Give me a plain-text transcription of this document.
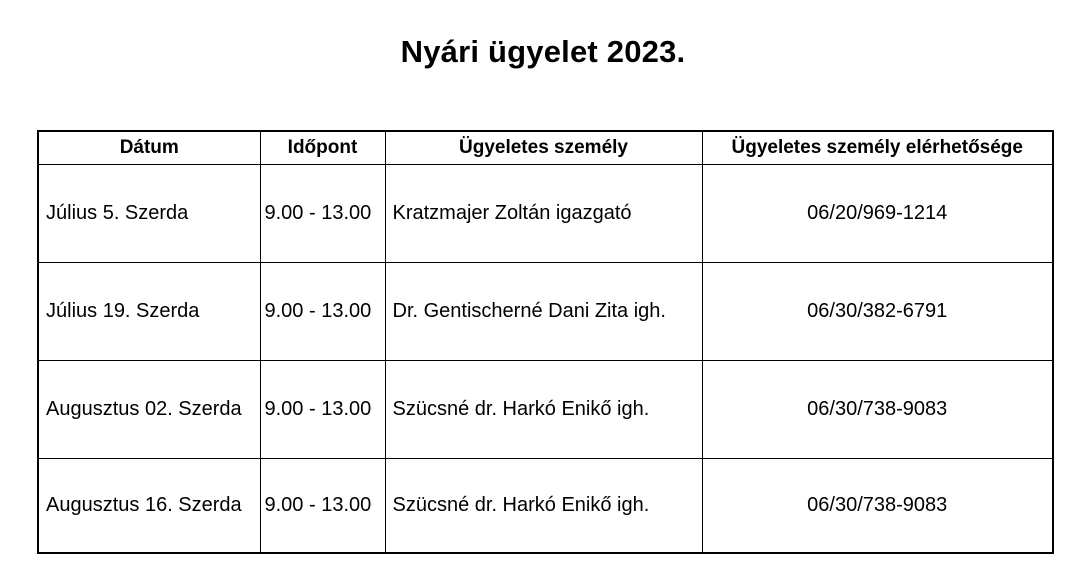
Nyári ügyelet 2023.
Dátum	Időpont	Ügyeletes személy	Ügyeletes személy elérhetősége
Július 5. Szerda	9.00 - 13.00	Kratzmajer Zoltán igazgató	06/20/969-1214
Július 19. Szerda	9.00 - 13.00	Dr. Gentischerné Dani Zita igh.	06/30/382-6791
Augusztus 02. Szerda	9.00 - 13.00	Szücsné dr. Harkó Enikő igh.	06/30/738-9083
Augusztus 16. Szerda	9.00 - 13.00	Szücsné dr. Harkó Enikő igh.	06/30/738-9083
